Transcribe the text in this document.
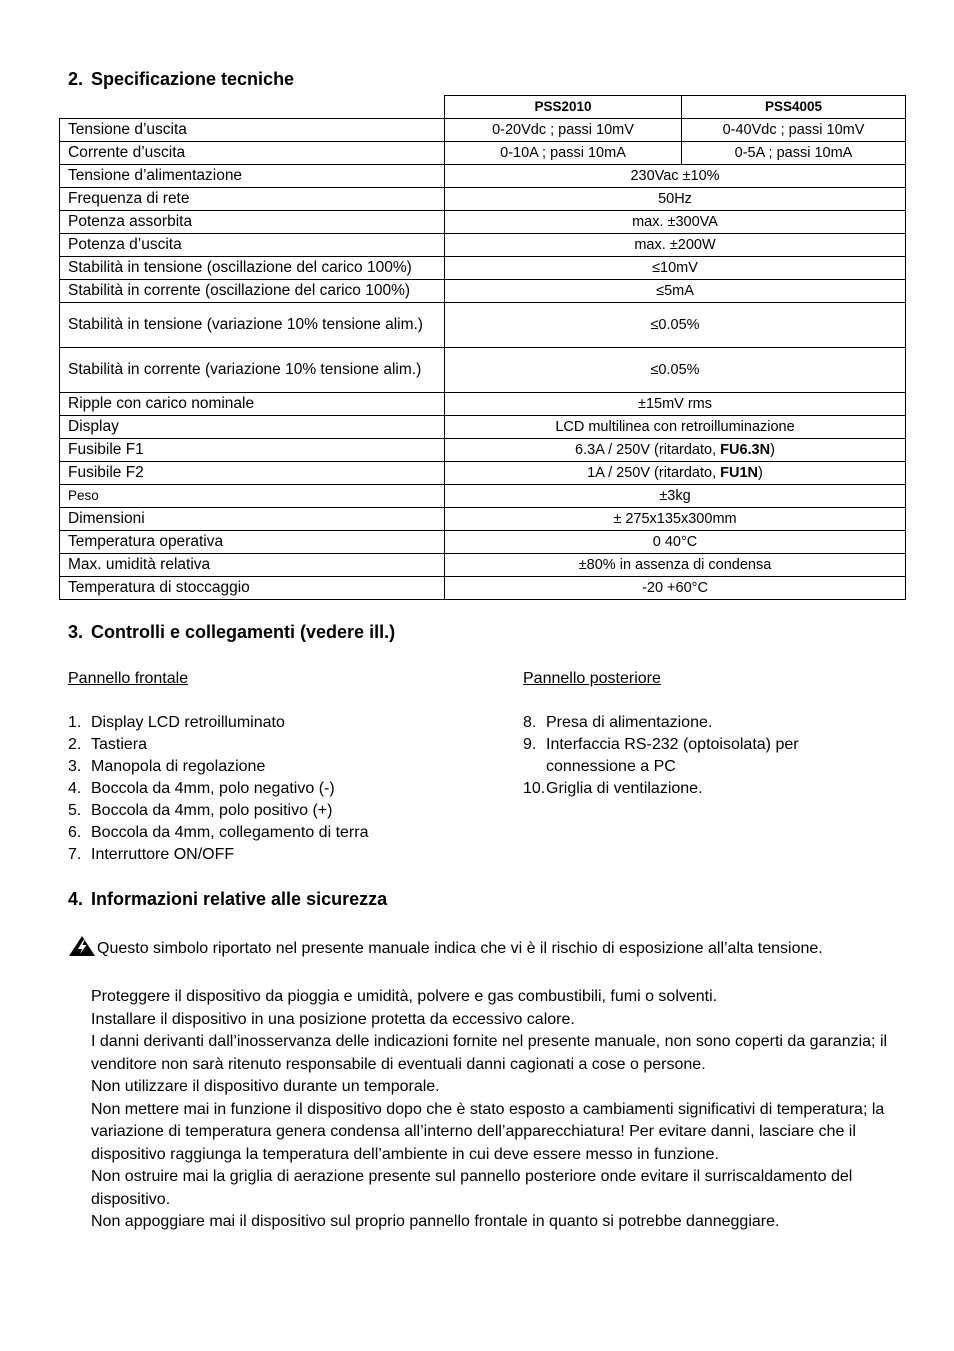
2. Specificazione tecniche
	PSS2010	PSS4005
Tensione d’uscita	0-20Vdc ; passi 10mV	0-40Vdc ; passi 10mV
Corrente d’uscita	0-10A ; passi 10mA	0-5A ; passi 10mA
Tensione d’alimentazione	230Vac ±10%	
Frequenza di rete	50Hz	
Potenza assorbita	max. ±300VA	
Potenza d’uscita	max. ±200W	
Stabilità in tensione (oscillazione del carico 100%)	≤10mV	
Stabilità in corrente (oscillazione del carico 100%)	≤5mA	
Stabilità in tensione (variazione 10% tensione alim.)	≤0.05%	
Stabilità in corrente (variazione 10% tensione alim.)	≤0.05%	
Ripple con carico nominale	±15mV rms	
Display	LCD multilinea con retroilluminazione	
Fusibile F1	6.3A / 250V (ritardato, FU6.3N)	
Fusibile F2	1A / 250V (ritardato, FU1N)	
Peso	±3kg	
Dimensioni	± 275x135x300mm	
Temperatura operativa	0 40°C	
Max. umidità relativa	±80% in assenza di condensa	
Temperatura di stoccaggio	-20 +60°C	
3. Controlli e collegamenti (vedere ill.)
Pannello frontale
1. Display LCD retroilluminato
2. Tastiera
3. Manopola di regolazione
4. Boccola da 4mm, polo negativo (-)
5. Boccola da 4mm, polo positivo (+)
6. Boccola da 4mm, collegamento di terra
7. Interruttore ON/OFF
Pannello posteriore
8. Presa di alimentazione.
9. Interfaccia RS-232 (optoisolata) per connessione a PC
10. Griglia di ventilazione.
4. Informazioni relative alle sicurezza
Questo simbolo riportato nel presente manuale indica che vi è il rischio di esposizione all’alta tensione.

Proteggere il dispositivo da pioggia e umidità, polvere e gas combustibili, fumi o solventi.

Installare il dispositivo in una posizione protetta da eccessivo calore.

I danni derivanti dall’inosservanza delle indicazioni fornite nel presente manuale, non sono coperti da garanzia; il venditore non sarà ritenuto responsabile di eventuali danni cagionati a cose o persone.

Non utilizzare il dispositivo durante un temporale.

Non mettere mai in funzione il dispositivo dopo che è stato esposto a cambiamenti significativi di temperatura; la variazione di temperatura genera condensa all’interno dell’apparecchiatura! Per evitare danni, lasciare che il dispositivo raggiunga la temperatura dell’ambiente in cui deve essere messo in funzione.

Non ostruire mai la griglia di aerazione presente sul pannello posteriore onde evitare il surriscaldamento del dispositivo.

Non appoggiare mai il dispositivo sul proprio pannello frontale in quanto si potrebbe danneggiare.
